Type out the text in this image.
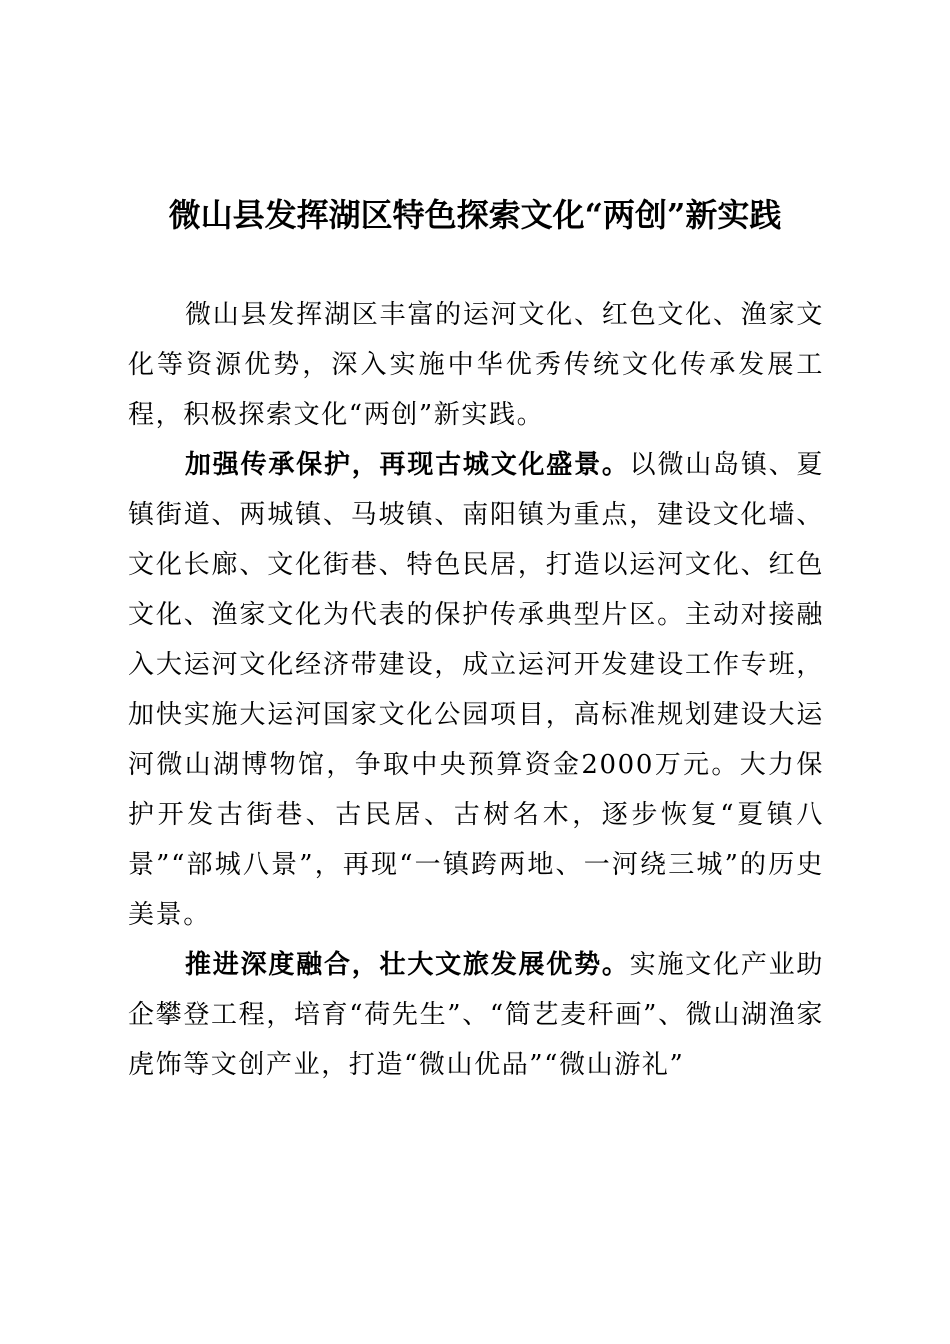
微山县发挥湖区特色探索文化“两创”新实践

微山县发挥湖区丰富的运河文化、红色文化、渔家文化等资源优势，深入实施中华优秀传统文化传承发展工程，积极探索文化“两创”新实践。

加强传承保护，再现古城文化盛景。以微山岛镇、夏镇街道、两城镇、马坡镇、南阳镇为重点，建设文化墙、文化长廊、文化街巷、特色民居，打造以运河文化、红色文化、渔家文化为代表的保护传承典型片区。主动对接融入大运河文化经济带建设，成立运河开发建设工作专班，加快实施大运河国家文化公园项目，高标准规划建设大运河微山湖博物馆，争取中央预算资金2000万元。大力保护开发古街巷、古民居、古树名木，逐步恢复“夏镇八景”“部城八景”，再现“一镇跨两地、一河绕三城”的历史美景。

推进深度融合，壮大文旅发展优势。实施文化产业助企攀登工程，培育“荷先生”、“简艺麦秆画”、微山湖渔家虎饰等文创产业，打造“微山优品”“微山游礼”
